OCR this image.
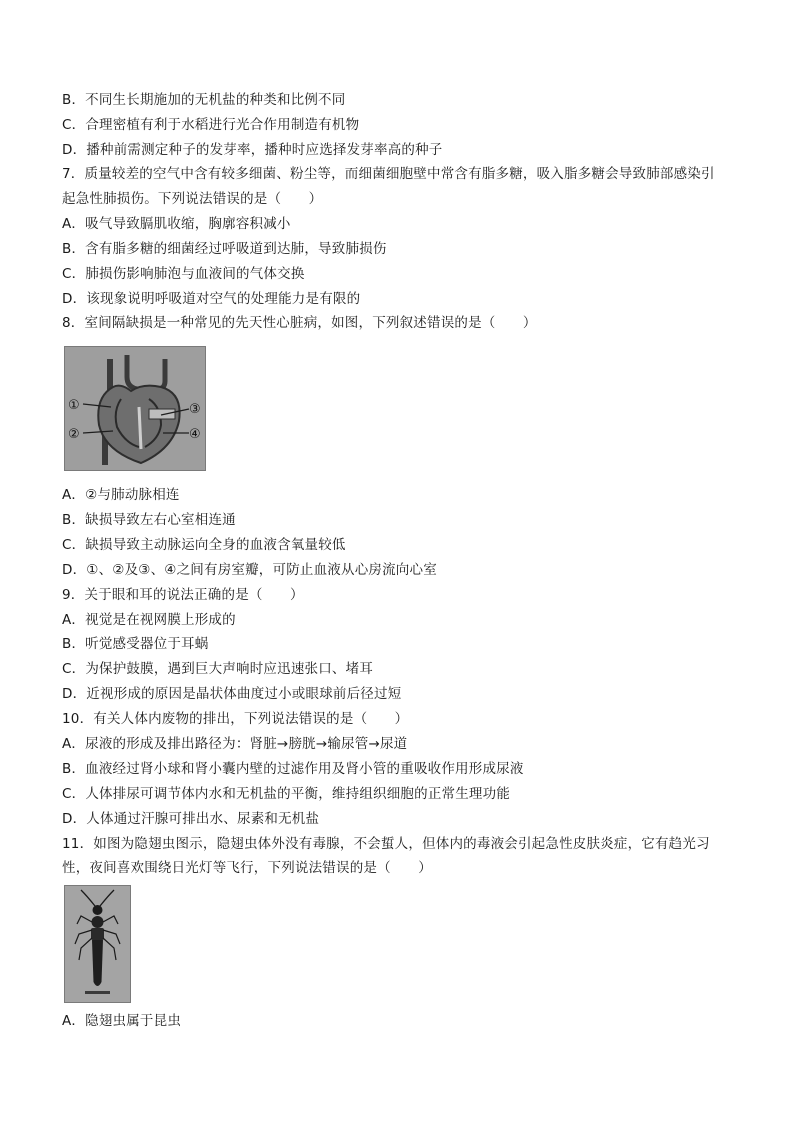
B．不同生长期施加的无机盐的种类和比例不同
C．合理密植有利于水稻进行光合作用制造有机物
D．播种前需测定种子的发芽率，播种时应选择发芽率高的种子
7．质量较差的空气中含有较多细菌、粉尘等，而细菌细胞壁中常含有脂多糖，吸入脂多糖会导致肺部感染引
起急性肺损伤。下列说法错误的是（　　）
A．吸气导致膈肌收缩，胸廓容积减小
B．含有脂多糖的细菌经过呼吸道到达肺，导致肺损伤
C．肺损伤影响肺泡与血液间的气体交换
D．该现象说明呼吸道对空气的处理能力是有限的
8．室间隔缺损是一种常见的先天性心脏病，如图，下列叙述错误的是（　　）
①
②
③
④
A．②与肺动脉相连
B．缺损导致左右心室相连通
C．缺损导致主动脉运向全身的血液含氧量较低
D．①、②及③、④之间有房室瓣，可防止血液从心房流向心室
9．关于眼和耳的说法正确的是（　　）
A．视觉是在视网膜上形成的
B．听觉感受器位于耳蜗
C．为保护鼓膜，遇到巨大声响时应迅速张口、堵耳
D．近视形成的原因是晶状体曲度过小或眼球前后径过短
10．有关人体内废物的排出，下列说法错误的是（　　）
A．尿液的形成及排出路径为：肾脏→膀胱→输尿管→尿道
B．血液经过肾小球和肾小囊内壁的过滤作用及肾小管的重吸收作用形成尿液
C．人体排尿可调节体内水和无机盐的平衡，维持组织细胞的正常生理功能
D．人体通过汗腺可排出水、尿素和无机盐
11．如图为隐翅虫图示，隐翅虫体外没有毒腺，不会蜇人，但体内的毒液会引起急性皮肤炎症，它有趋光习
性，夜间喜欢围绕日光灯等飞行，下列说法错误的是（　　）
A．隐翅虫属于昆虫
